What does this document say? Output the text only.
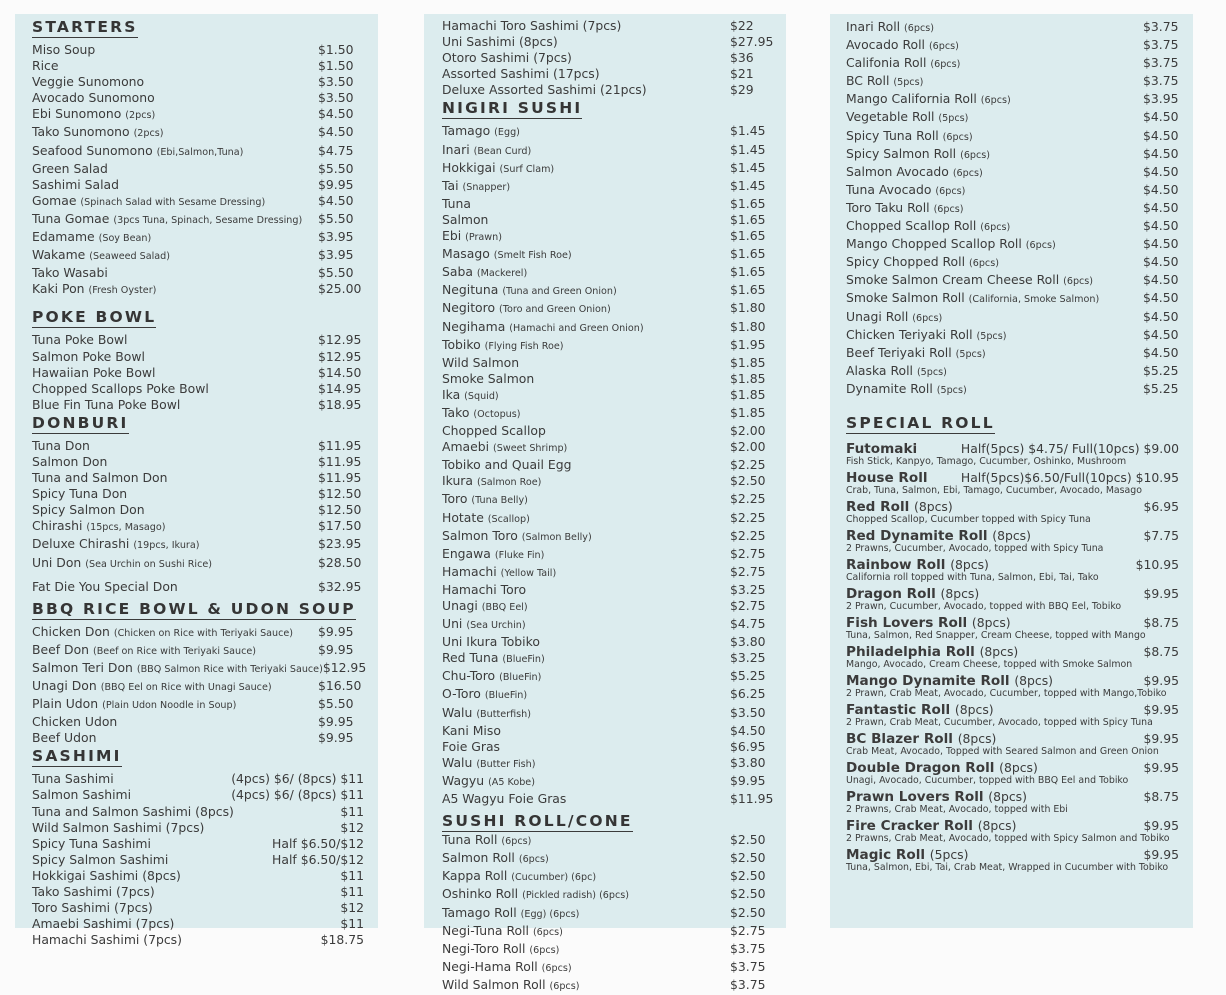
STARTERS
Miso Soup	$1.50
Rice	$1.50
Veggie Sunomono	$3.50
Avocado Sunomono	$3.50
Ebi Sunomono (2pcs)	$4.50
Tako Sunomono (2pcs)	$4.50
Seafood Sunomono (Ebi,Salmon,Tuna)	$4.75
Green Salad	$5.50
Sashimi Salad	$9.95
Gomae (Spinach Salad with Sesame Dressing)	$4.50
Tuna Gomae (3pcs Tuna, Spinach, Sesame Dressing) $5.50
Edamame (Soy Bean)	$3.95
Wakame (Seaweed Salad)	$3.95
Tako Wasabi	$5.50
Kaki Pon (Fresh Oyster)	$25.00
POKE BOWL
Tuna Poke Bowl	$12.95
Salmon Poke Bowl	$12.95
Hawaiian Poke Bowl	$14.50
Chopped Scallops Poke Bowl	$14.95
Blue Fin Tuna Poke Bowl	$18.95
DONBURI
Tuna Don	$11.95
Salmon Don	$11.95
Tuna and Salmon Don	$11.95
Spicy Tuna Don	$12.50
Spicy Salmon Don	$12.50
Chirashi (15pcs, Masago)	$17.50
Deluxe Chirashi (19pcs, Ikura)	$23.95
Uni Don (Sea Urchin on Sushi Rice)	$28.50
Fat Die You Special Don	$32.95
BBQ RICE BOWL & UDON SOUP
Chicken Don (Chicken on Rice with Teriyaki Sauce) $9.95
Beef Don (Beef on Rice with Teriyaki Sauce)	$9.95
Salmon Teri Don (BBQ Salmon Rice with Teriyaki Sauce) $12.95
Unagi Don (BBQ Eel on Rice with Unagi Sauce)	$16.50
Plain Udon (Plain Udon Noodle in Soup)	$5.50
Chicken Udon	$9.95
Beef Udon	$9.95
SASHIMI
Tuna Sashimi	(4pcs) $6/ (8pcs) $11
Salmon Sashimi	(4pcs) $6/ (8pcs) $11
Tuna and Salmon Sashimi (8pcs)	$11
Wild Salmon Sashimi (7pcs)	$12
Spicy Tuna Sashimi	Half $6.50/$12
Spicy Salmon Sashimi	Half $6.50/$12
Hokkigai Sashimi (8pcs)	$11
Tako Sashimi (7pcs)	$11
Toro Sashimi (7pcs)	$12
Amaebi Sashimi (7pcs)	$11
Hamachi Sashimi (7pcs)	$18.75
Hamachi Toro Sashimi (7pcs)	$22
Uni Sashimi (8pcs)	$27.95
Otoro Sashimi (7pcs)	$36
Assorted Sashimi (17pcs)	$21
Deluxe Assorted Sashimi (21pcs)	$29
NIGIRI SUSHI
Tamago (Egg)	$1.45
Inari (Bean Curd)	$1.45
Hokkigai (Surf Clam)	$1.45
Tai (Snapper)	$1.45
Tuna	$1.65
Salmon	$1.65
Ebi (Prawn)	$1.65
Masago (Smelt Fish Roe)	$1.65
Saba (Mackerel)	$1.65
Negituna (Tuna and Green Onion)	$1.65
Negitoro (Toro and Green Onion)	$1.80
Negihama (Hamachi and Green Onion)	$1.80
Tobiko (Flying Fish Roe)	$1.95
Wild Salmon	$1.85
Smoke Salmon	$1.85
Ika (Squid)	$1.85
Tako (Octopus)	$1.85
Chopped Scallop	$2.00
Amaebi (Sweet Shrimp)	$2.00
Tobiko and Quail Egg	$2.25
Ikura (Salmon Roe)	$2.50
Toro (Tuna Belly)	$2.25
Hotate (Scallop)	$2.25
Salmon Toro (Salmon Belly)	$2.25
Engawa (Fluke Fin)	$2.75
Hamachi (Yellow Tail)	$2.75
Hamachi Toro	$3.25
Unagi (BBQ Eel)	$2.75
Uni (Sea Urchin)	$4.75
Uni Ikura Tobiko	$3.80
Red Tuna (BlueFin)	$3.25
Chu-Toro (BlueFin)	$5.25
O-Toro (BlueFin)	$6.25
Walu (Butterfish)	$3.50
Kani Miso	$4.50
Foie Gras	$6.95
Walu (Butter Fish)	$3.80
Wagyu (A5 Kobe)	$9.95
A5 Wagyu Foie Gras	$11.95
SUSHI ROLL/CONE
Tuna Roll (6pcs)	$2.50
Salmon Roll (6pcs)	$2.50
Kappa Roll (Cucumber) (6pc)	$2.50
Oshinko Roll (Pickled radish) (6pcs)	$2.50
Tamago Roll (Egg) (6pcs)	$2.50
Negi-Tuna Roll (6pcs)	$2.75
Negi-Toro Roll (6pcs)	$3.75
Negi-Hama Roll (6pcs)	$3.75
Wild Salmon Roll (6pcs)	$3.75
Inari Roll (6pcs)	$3.75
Avocado Roll (6pcs)	$3.75
Califonia Roll (6pcs)	$3.75
BC Roll (5pcs)	$3.75
Mango California Roll (6pcs)	$3.95
Vegetable Roll (5pcs)	$4.50
Spicy Tuna Roll (6pcs)	$4.50
Spicy Salmon Roll (6pcs)	$4.50
Salmon Avocado (6pcs)	$4.50
Tuna Avocado (6pcs)	$4.50
Toro Taku Roll (6pcs)	$4.50
Chopped Scallop Roll (6pcs)	$4.50
Mango Chopped Scallop Roll (6pcs)	$4.50
Spicy Chopped Roll (6pcs)	$4.50
Smoke Salmon Cream Cheese Roll (6pcs)	$4.50
Smoke Salmon Roll (California, Smoke Salmon)	$4.50
Unagi Roll (6pcs)	$4.50
Chicken Teriyaki Roll (5pcs)	$4.50
Beef Teriyaki Roll (5pcs)	$4.50
Alaska Roll (5pcs)	$5.25
Dynamite Roll (5pcs)	$5.25
SPECIAL ROLL
Futomaki	Half(5pcs) $4.75/ Full(10pcs) $9.00
Fish Stick, Kanpyo, Tamago, Cucumber, Oshinko, Mushroom
House Roll	Half(5pcs)$6.50/Full(10pcs) $10.95
Crab, Tuna, Salmon, Ebi, Tamago, Cucumber, Avocado, Masago
Red Roll (8pcs)	$6.95
Chopped Scallop, Cucumber topped with Spicy Tuna
Red Dynamite Roll (8pcs)	$7.75
2 Prawns, Cucumber, Avocado, topped with Spicy Tuna
Rainbow Roll (8pcs)	$10.95
California roll topped with Tuna, Salmon, Ebi, Tai, Tako
Dragon Roll (8pcs)	$9.95
2 Prawn, Cucumber, Avocado, topped with BBQ Eel, Tobiko
Fish Lovers Roll (8pcs)	$8.75
Tuna, Salmon, Red Snapper, Cream Cheese, topped with Mango
Philadelphia Roll (8pcs)	$8.75
Mango, Avocado, Cream Cheese, topped with Smoke Salmon
Mango Dynamite Roll (8pcs)	$9.95
2 Prawn, Crab Meat, Avocado, Cucumber, topped with Mango,Tobiko
Fantastic Roll (8pcs)	$9.95
2 Prawn, Crab Meat, Cucumber, Avocado, topped with Spicy Tuna
BC Blazer Roll (8pcs)	$9.95
Crab Meat, Avocado, Topped with Seared Salmon and Green Onion
Double Dragon Roll (8pcs)	$9.95
Unagi, Avocado, Cucumber, topped with BBQ Eel and Tobiko
Prawn Lovers Roll (8pcs)	$8.75
2 Prawns, Crab Meat, Avocado, topped with Ebi
Fire Cracker Roll (8pcs)	$9.95
2 Prawns, Crab Meat, Avocado, topped with Spicy Salmon and Tobiko
Magic Roll (5pcs)	$9.95
Tuna, Salmon, Ebi, Tai, Crab Meat, Wrapped in Cucumber with Tobiko
